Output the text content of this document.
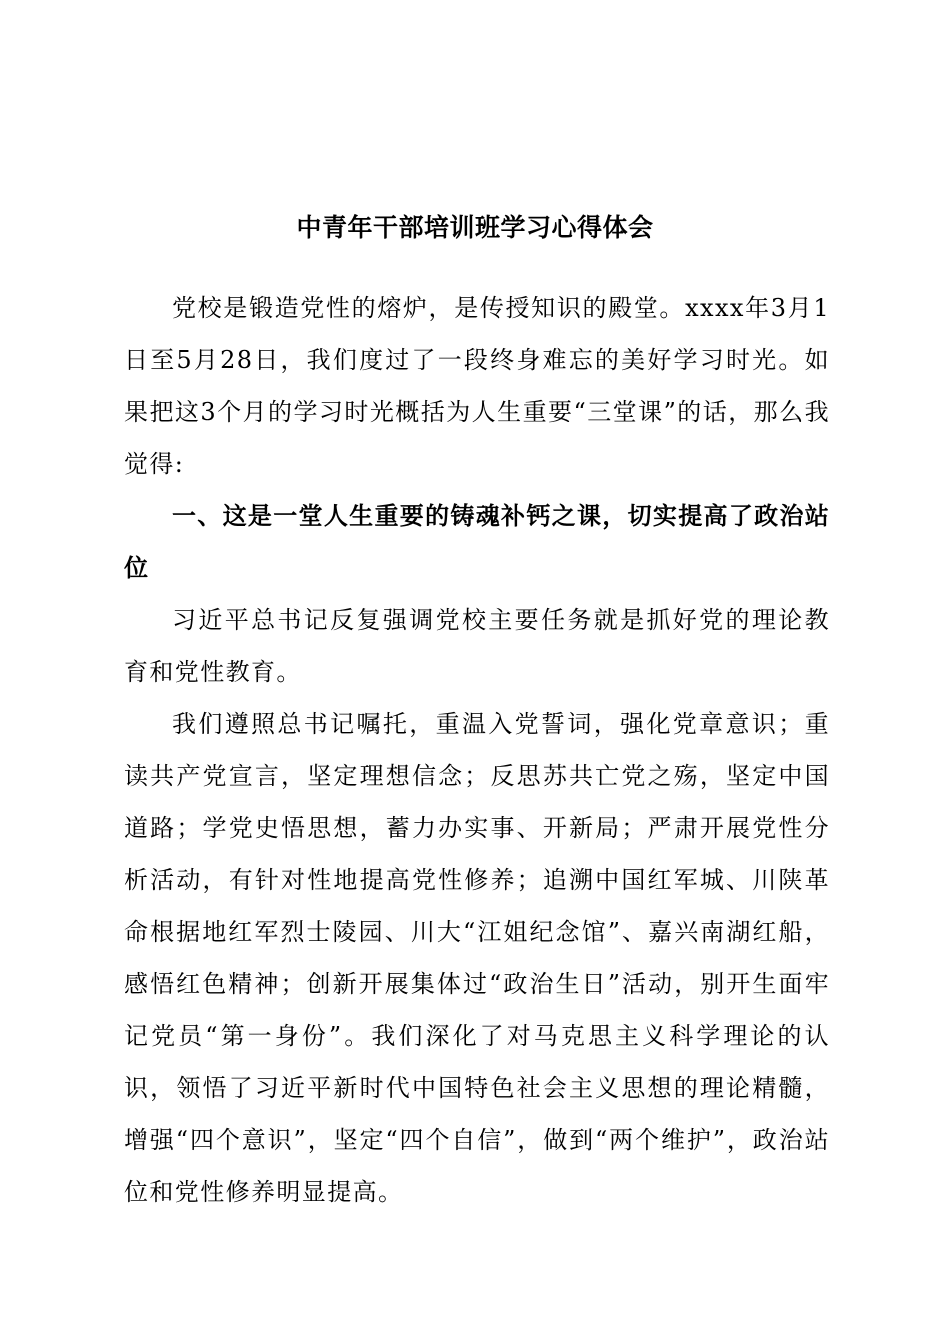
中青年干部培训班学习心得体会

党校是锻造党性的熔炉，是传授知识的殿堂。xxxx年3月1日至5月28日，我们度过了一段终身难忘的美好学习时光。如果把这3个月的学习时光概括为人生重要“三堂课”的话，那么我觉得:

一、这是一堂人生重要的铸魂补钙之课，切实提高了政治站位

习近平总书记反复强调党校主要任务就是抓好党的理论教育和党性教育。

我们遵照总书记嘱托，重温入党誓词，强化党章意识；重读共产党宣言，坚定理想信念；反思苏共亡党之殇，坚定中国道路；学党史悟思想，蓄力办实事、开新局；严肃开展党性分析活动，有针对性地提高党性修养；追溯中国红军城、川陕革命根据地红军烈士陵园、川大“江姐纪念馆”、嘉兴南湖红船，感悟红色精神；创新开展集体过“政治生日”活动，别开生面牢记党员“第一身份”。我们深化了对马克思主义科学理论的认识，领悟了习近平新时代中国特色社会主义思想的理论精髓，增强“四个意识”，坚定“四个自信”，做到“两个维护”，政治站位和党性修养明显提高。
